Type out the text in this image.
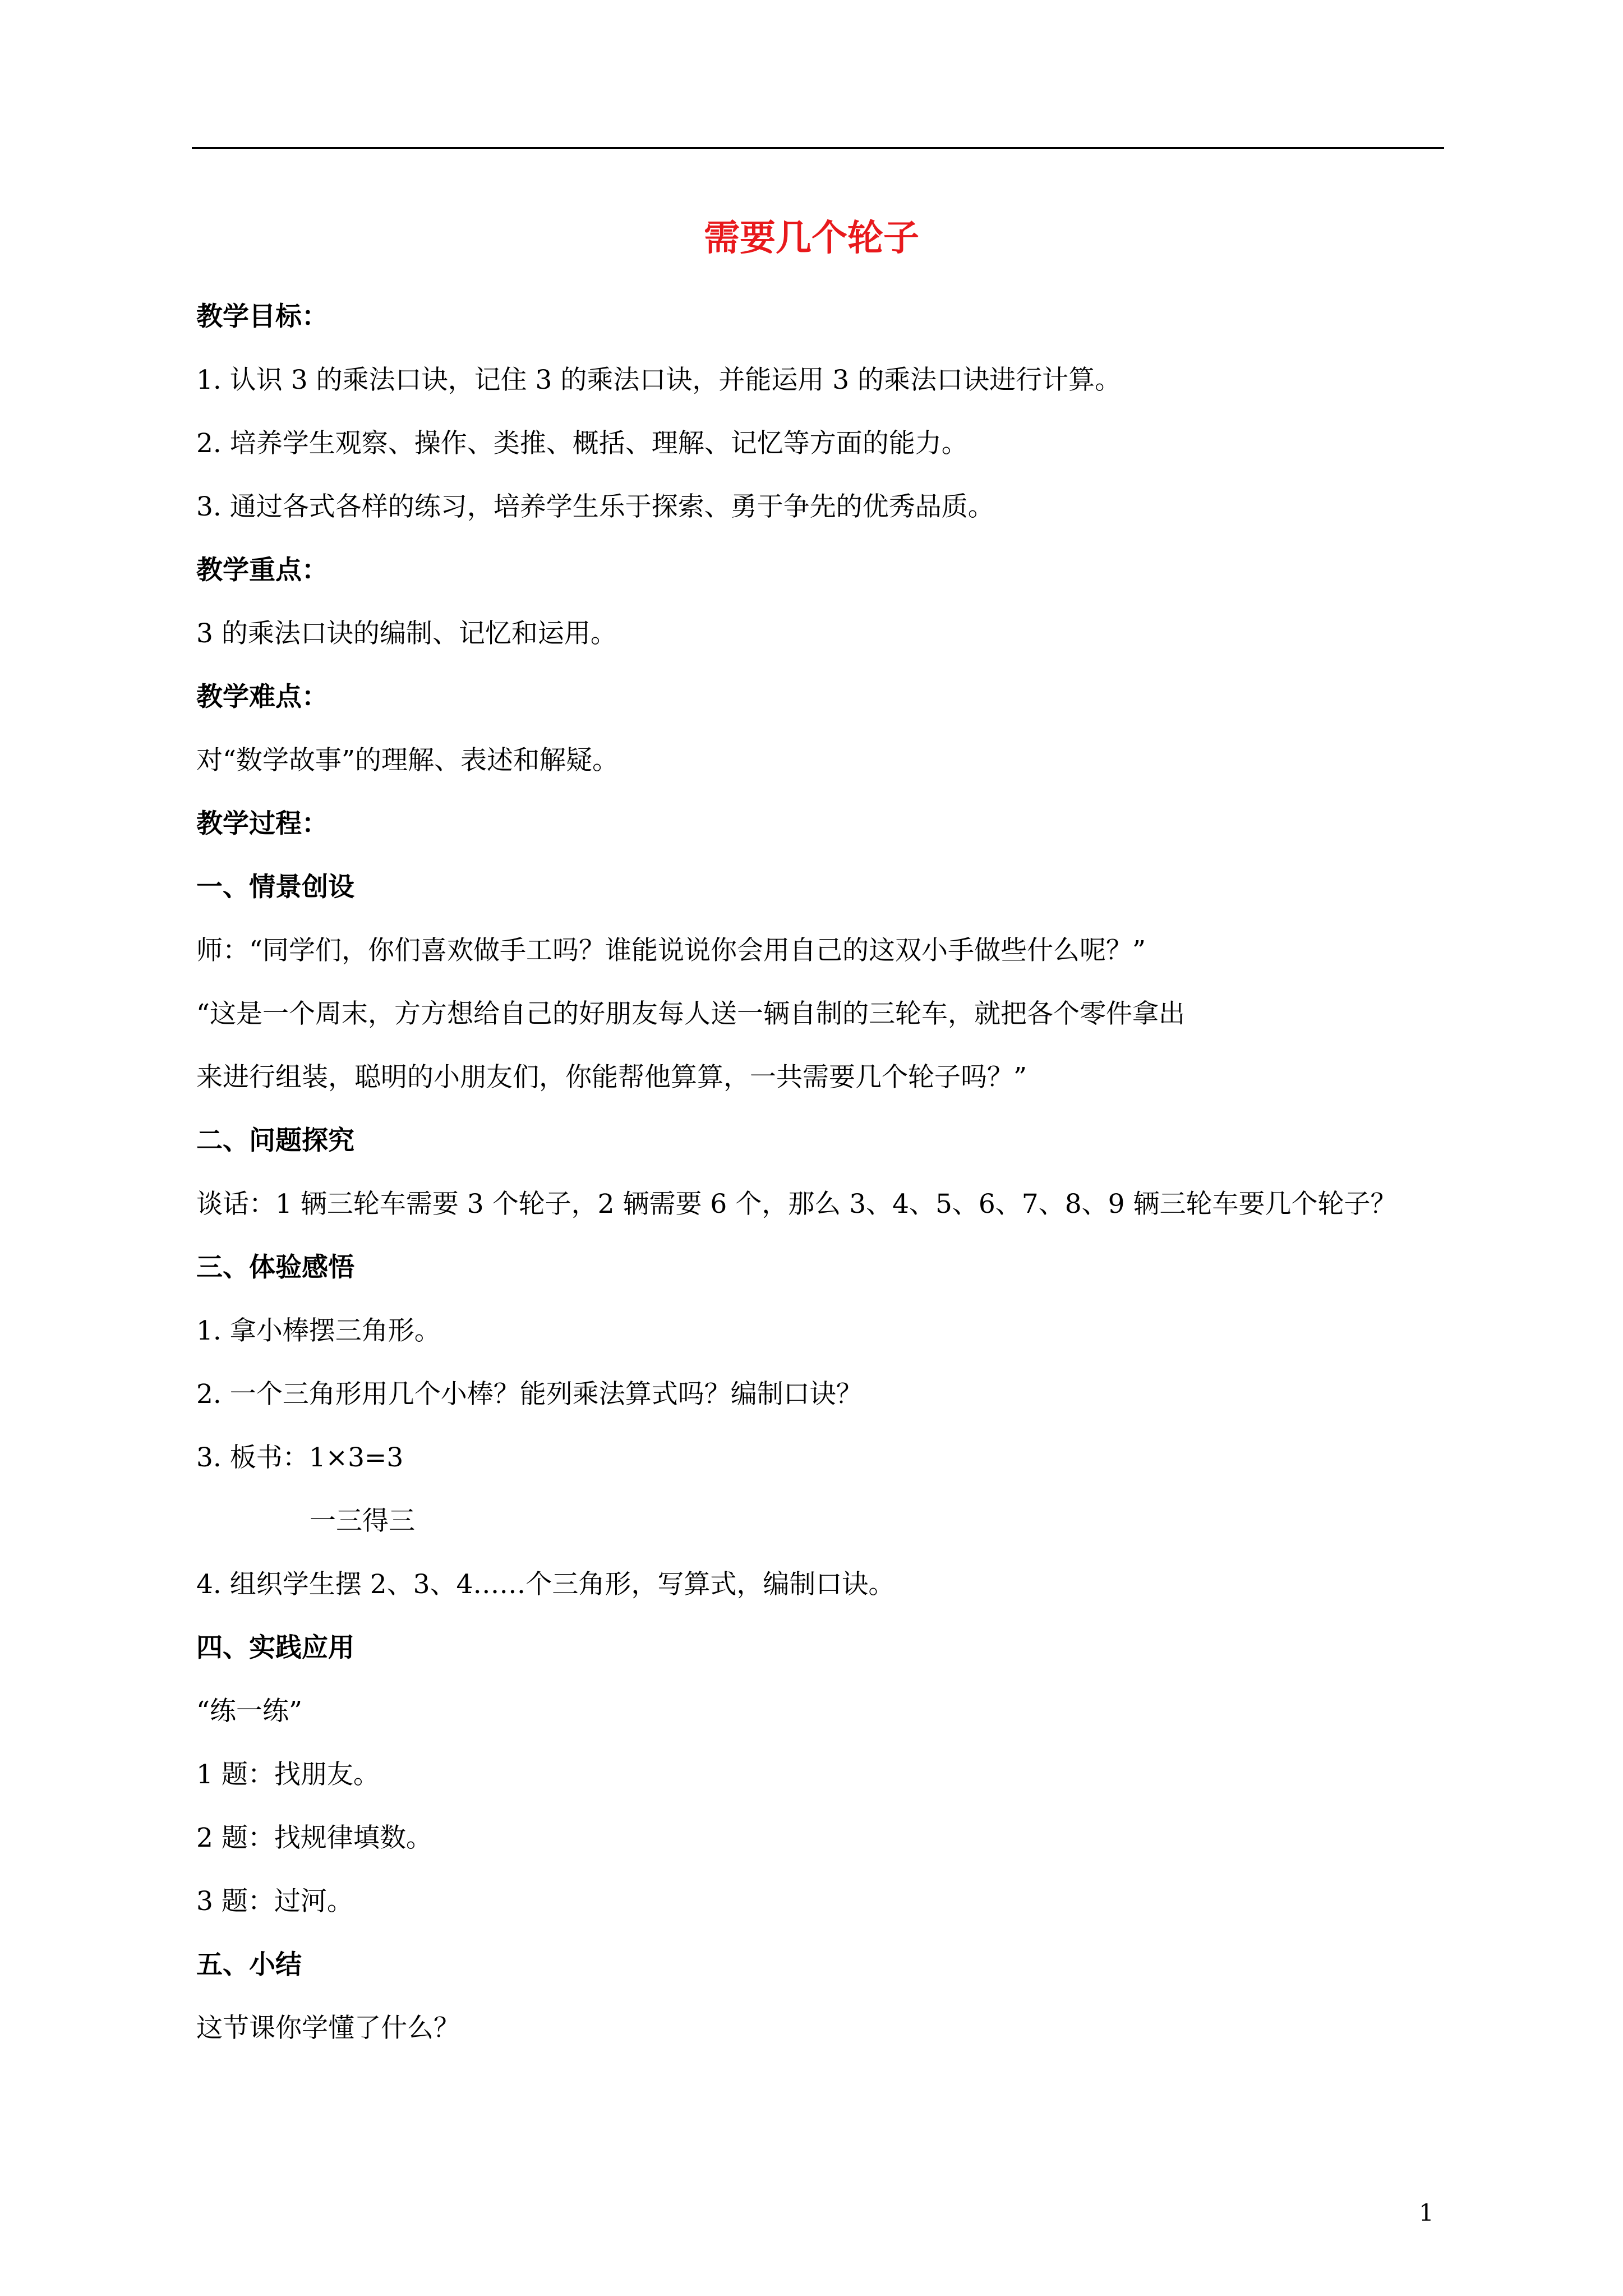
需要几个轮子
教学目标：
1. 认识 3 的乘法口诀，记住 3 的乘法口诀，并能运用 3 的乘法口诀进行计算。
2. 培养学生观察、操作、类推、概括、理解、记忆等方面的能力。
3. 通过各式各样的练习，培养学生乐于探索、勇于争先的优秀品质。
教学重点：
3 的乘法口诀的编制、记忆和运用。
教学难点：
对“数学故事”的理解、表述和解疑。
教学过程：
一、情景创设
师：“同学们，你们喜欢做手工吗？谁能说说你会用自己的这双小手做些什么呢？”
“这是一个周末，方方想给自己的好朋友每人送一辆自制的三轮车，就把各个零件拿出
来进行组装，聪明的小朋友们，你能帮他算算，一共需要几个轮子吗？”
二、问题探究
谈话：1 辆三轮车需要 3 个轮子，2 辆需要 6 个，那么 3、4、5、6、7、8、9 辆三轮车要几个轮子？
三、体验感悟
1. 拿小棒摆三角形。
2. 一个三角形用几个小棒？能列乘法算式吗？编制口诀？
3. 板书：1×3=3
一三得三
4. 组织学生摆 2、3、4……个三角形，写算式，编制口诀。
四、实践应用
“练一练”
1 题：找朋友。
2 题：找规律填数。
3 题：过河。
五、小结
这节课你学懂了什么？
1
